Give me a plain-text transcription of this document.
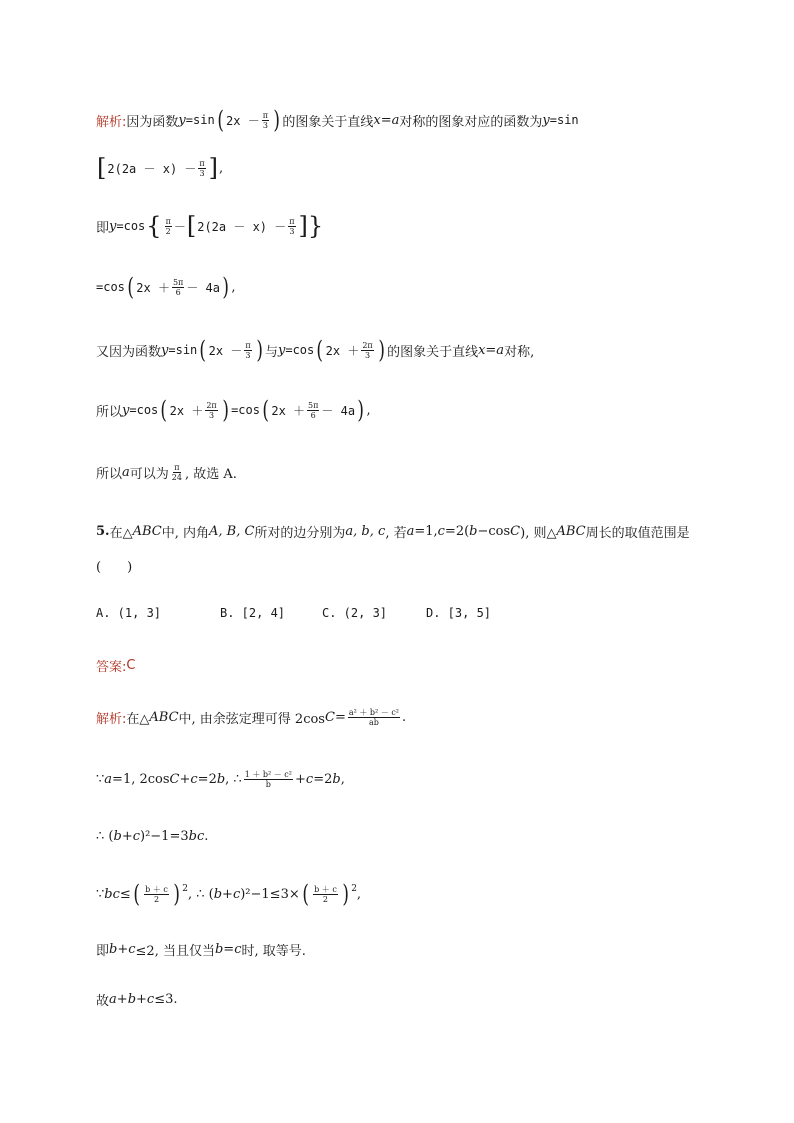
解析: 因为函数 y =sin ( $2x - \frac{\pi}{3}$ ) 的图象关于直线 x=a 对称的图象对应的函数为 y =sin
[ $2(2a - x) - \frac{\pi}{3}$ ] ,
即 y =cos { $\frac{\pi}{2}$ － [ $2(2a - x) - \frac{\pi}{3}$ ]}
=cos ( $2x + \frac{5\pi}{6} - 4a$ ) ,
又因为函数 y =sin ( $2x - \frac{\pi}{3}$ ) 与 y =cos ( $2x + \frac{2\pi}{3}$ ) 的图象关于直线 x=a 对称,
所以 y =cos ( $2x + \frac{2\pi}{3}$ ) =cos ( $2x + \frac{5\pi}{6} - 4a$ ) ,
所以 a 可以为 $\frac{\pi}{24}$ , 故选 A.
5. 在△ ABC 中, 内角 A, B, C 所对的边分别为 a, b, c , 若 a =1, c =2( b −cos C ), 则△ ABC 周长的取值范围是
(　　)
A. (1, 3]	B. [2, 4]	C. (2, 3]	D. [3, 5]
答案: C
解析: 在△ ABC 中, 由余弦定理可得 2cos $C = \frac{\text{a² ＋ b² － c²}}{ab}$ .
∵ a =1, 2cos C + c =2 b , ∴ $\frac{\text{1 ＋ b² － c²}}{b} + c =2$ b ,
∴ ( b + c )²−1=3 bc .
∵ bc ≤ ( $\frac{b + c}{2}$ ) $^2$ , ∴ ( b + c )²−1≤3× ( $\frac{b + c}{2}$ ) $^2$ ,
即 b + c ≤2, 当且仅当 b = c 时, 取等号.
故 a + b + c ≤3.
